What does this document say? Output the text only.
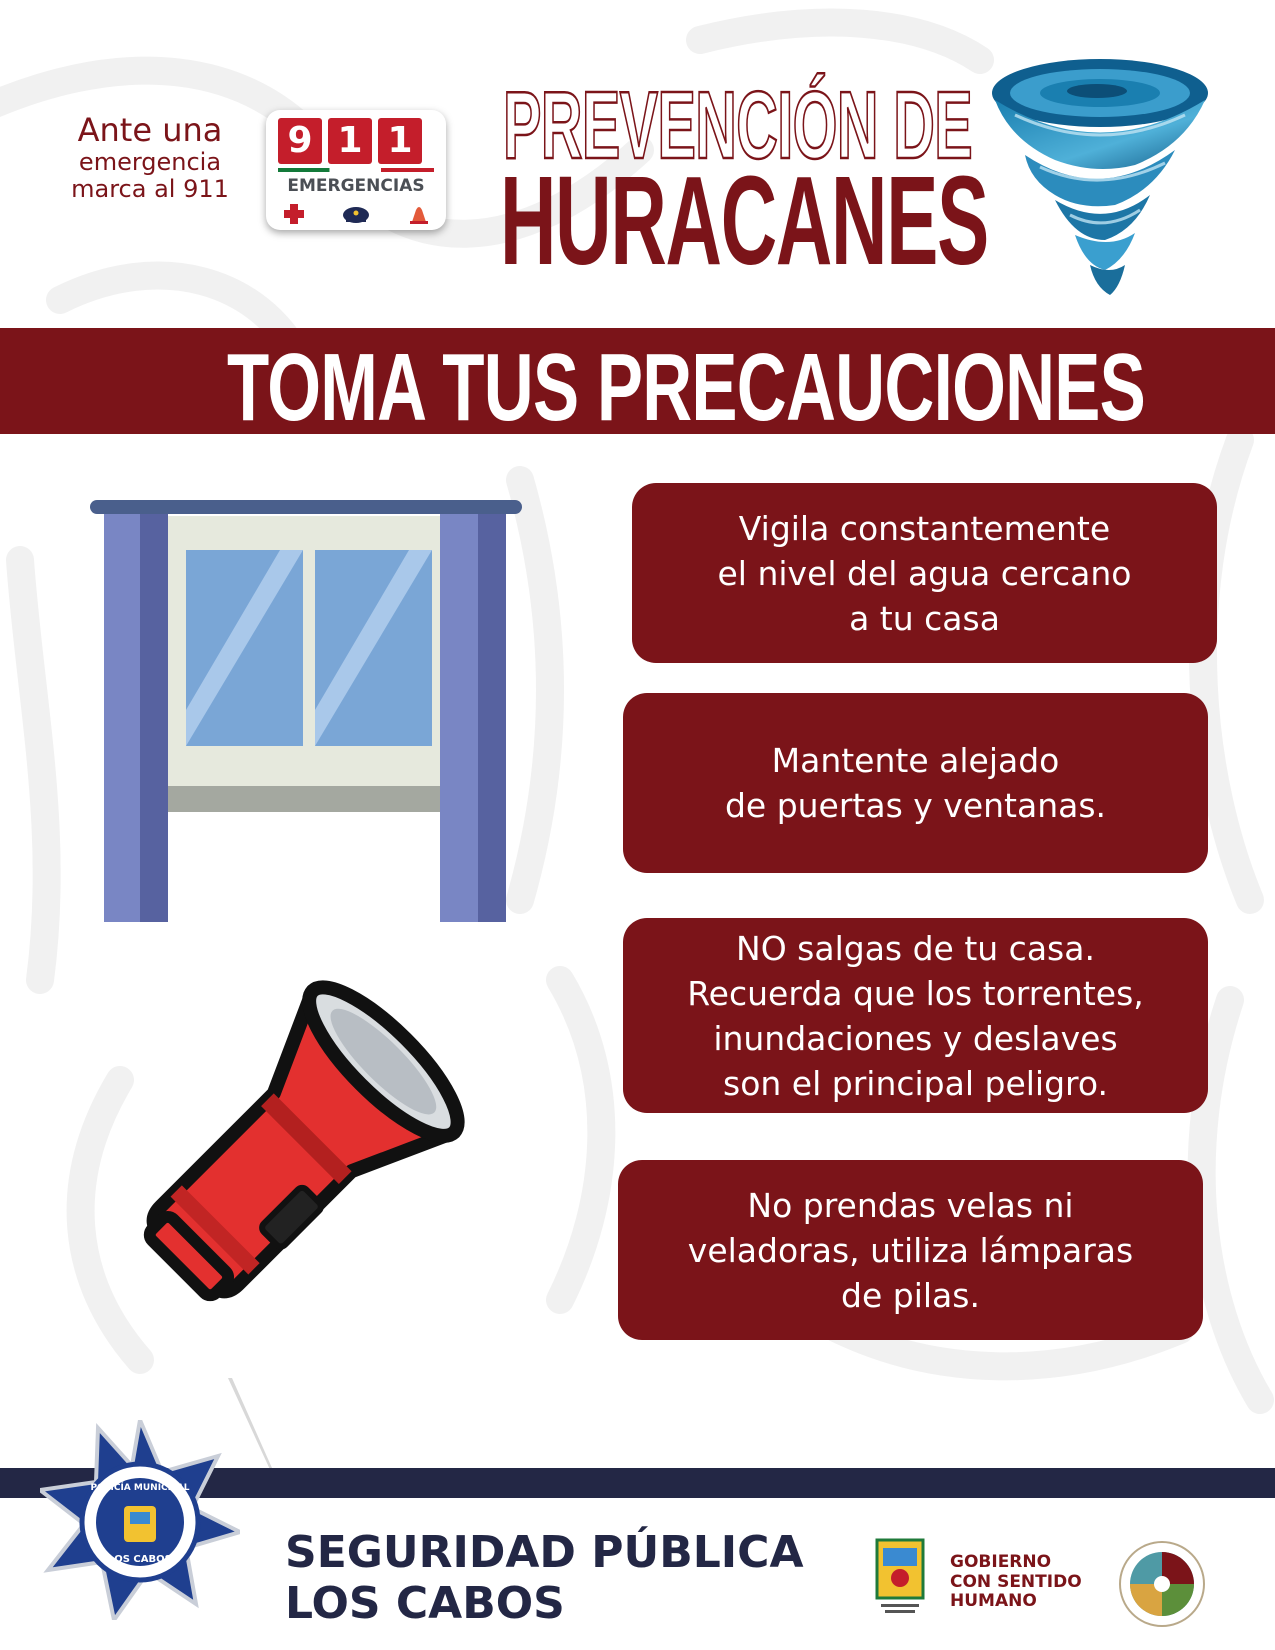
Ante una
emergencia
marca al 911
9 1 1
EMERGENCIAS
PREVENCIÓN DE
HURACANES
TOMA TUS PRECAUCIONES
Vigila constantemente
el nivel del agua cercano
a tu casa
Mantente alejado
de puertas y ventanas.
NO salgas de tu casa.
Recuerda que los torrentes,
inundaciones y deslaves
son el principal peligro.
No prendas velas ni
veladoras, utiliza lámparas
de pilas.
POLICÍA MUNICIPAL
LOS CABOS	SEGURIDAD PÚBLICA
LOS CABOS
GOBIERNO
CON SENTIDO
HUMANO
